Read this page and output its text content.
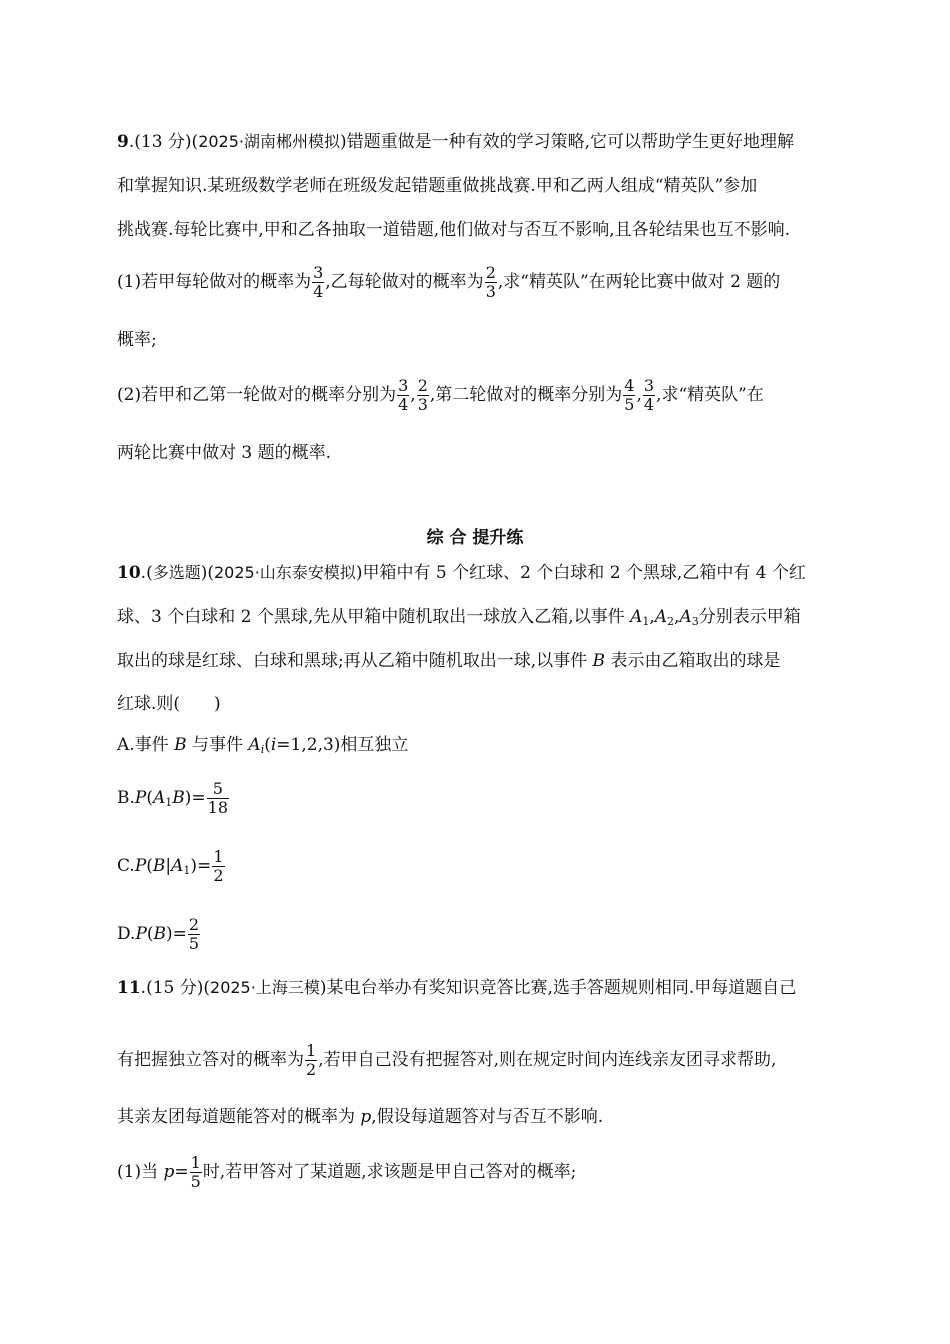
9.(13 分)(2025·湖南郴州模拟)错题重做是一种有效的学习策略,它可以帮助学生更好地理解
和掌握知识.某班级数学老师在班级发起错题重做挑战赛.甲和乙两人组成“精英队”参加
挑战赛.每轮比赛中,甲和乙各抽取一道错题,他们做对与否互不影响,且各轮结果也互不影响.
(1)若甲每轮做对的概率为 $\frac{3}{4}$ ,乙每轮做对的概率为 $\frac{2}{3}$ ,求“精英队”在两轮比赛中做对 2 题的
概率;
(2)若甲和乙第一轮做对的概率分别为 $\frac{3}{4}$ , $\frac{2}{3}$ ,第二轮做对的概率分别为 $\frac{4}{5}$ , $\frac{3}{4}$ ,求“精英队”在
两轮比赛中做对 3 题的概率.
综 合 提升练
10.(多选题)(2025·山东泰安模拟)甲箱中有 5 个红球、2 个白球和 2 个黑球,乙箱中有 4 个红
球、3 个白球和 2 个黑球,先从甲箱中随机取出一球放入乙箱,以事件 $A_1,A_2,A_3$分别表示甲箱
取出的球是红球、白球和黑球;再从乙箱中随机取出一球,以事件 B 表示由乙箱取出的球是
红球.则(　　)
A.事件 B 与事件 $A_i(i=1,2,3)$相互独立
$B.P(A_1B)= \frac{5}{18}$
$C.P(B|A_1)= \frac{1}{2}$
$D.P(B)= \frac{2}{5}$
11.(15 分)(2025·上海三模)某电台举办有奖知识竞答比赛,选手答题规则相同.甲每道题自己
有把握独立答对的概率为 $\frac{1}{2}$ ,若甲自己没有把握答对,则在规定时间内连线亲友团寻求帮助,
其亲友团每道题能答对的概率为 p,假设每道题答对与否互不影响.
(1)当 $p= \frac{1}{5}$ 时,若甲答对了某道题,求该题是甲自己答对的概率;
